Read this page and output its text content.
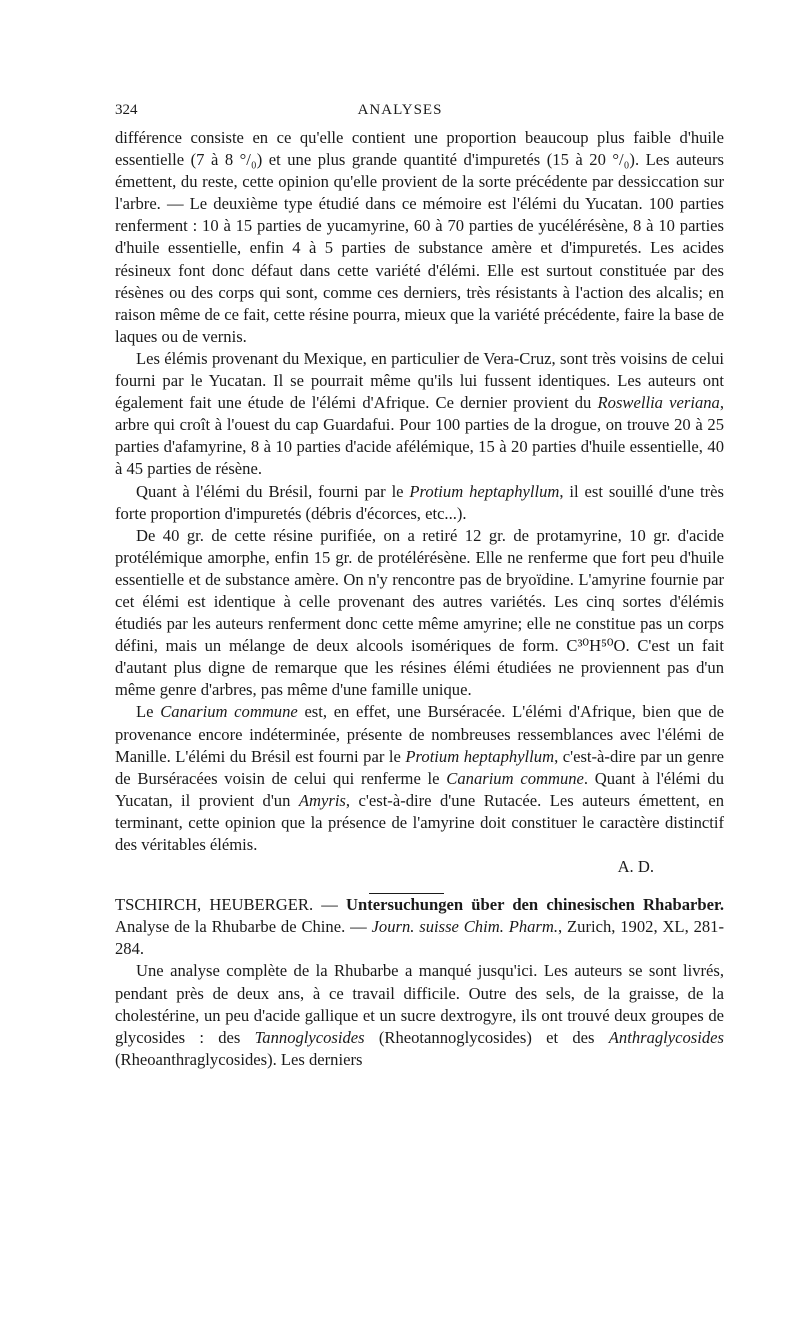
324	ANALYSES

différence consiste en ce qu'elle contient une proportion beaucoup plus faible d'huile essentielle (7 à 8 °/₀) et une plus grande quantité d'impuretés (15 à 20 °/₀). Les auteurs émettent, du reste, cette opinion qu'elle provient de la sorte précédente par dessiccation sur l'arbre. — Le deuxième type étudié dans ce mémoire est l'élémi du Yucatan. 100 parties renferment : 10 à 15 parties de yucamyrine, 60 à 70 parties de yucélérésène, 8 à 10 parties d'huile essentielle, enfin 4 à 5 parties de substance amère et d'impuretés. Les acides résineux font donc défaut dans cette variété d'élémi. Elle est surtout constituée par des résènes ou des corps qui sont, comme ces derniers, très résistants à l'action des alcalis; en raison même de ce fait, cette résine pourra, mieux que la variété précédente, faire la base de laques ou de vernis.

Les élémis provenant du Mexique, en particulier de Vera-Cruz, sont très voisins de celui fourni par le Yucatan. Il se pourrait même qu'ils lui fussent identiques. Les auteurs ont également fait une étude de l'élémi d'Afrique. Ce dernier provient du Roswellia veriana, arbre qui croît à l'ouest du cap Guardafui. Pour 100 parties de la drogue, on trouve 20 à 25 parties d'afamyrine, 8 à 10 parties d'acide afélémique, 15 à 20 parties d'huile essentielle, 40 à 45 parties de résène.

Quant à l'élémi du Brésil, fourni par le Protium heptaphyllum, il est souillé d'une très forte proportion d'impuretés (débris d'écorces, etc...).

De 40 gr. de cette résine purifiée, on a retiré 12 gr. de protamyrine, 10 gr. d'acide protélémique amorphe, enfin 15 gr. de protélérésène. Elle ne renferme que fort peu d'huile essentielle et de substance amère. On n'y rencontre pas de bryoïdine. L'amyrine fournie par cet élémi est identique à celle provenant des autres variétés. Les cinq sortes d'élémis étudiés par les auteurs renferment donc cette même amyrine; elle ne constitue pas un corps défini, mais un mélange de deux alcools isomériques de form. C³⁰H⁵⁰O. C'est un fait d'autant plus digne de remarque que les résines élémi étudiées ne proviennent pas d'un même genre d'arbres, pas même d'une famille unique.

Le Canarium commune est, en effet, une Burséracée. L'élémi d'Afrique, bien que de provenance encore indéterminée, présente de nombreuses ressemblances avec l'élémi de Manille. L'élémi du Brésil est fourni par le Protium heptaphyllum, c'est-à-dire par un genre de Burséracées voisin de celui qui renferme le Canarium commune. Quant à l'élémi du Yucatan, il provient d'un Amyris, c'est-à-dire d'une Rutacée. Les auteurs émettent, en terminant, cette opinion que la présence de l'amyrine doit constituer le caractère distinctif des véritables élémis.

A. D.

TSCHIRCH, HEUBERGER. — Untersuchungen über den chinesischen Rhabarber. Analyse de la Rhubarbe de Chine. — Journ. suisse Chim. Pharm., Zurich, 1902, XL, 281-284.

Une analyse complète de la Rhubarbe a manqué jusqu'ici. Les auteurs se sont livrés, pendant près de deux ans, à ce travail difficile. Outre des sels, de la graisse, de la cholestérine, un peu d'acide gallique et un sucre dextrogyre, ils ont trouvé deux groupes de glycosides : des Tannoglycosides (Rheotannoglycosides) et des Anthraglycosides (Rheoanthraglycosides). Les derniers
